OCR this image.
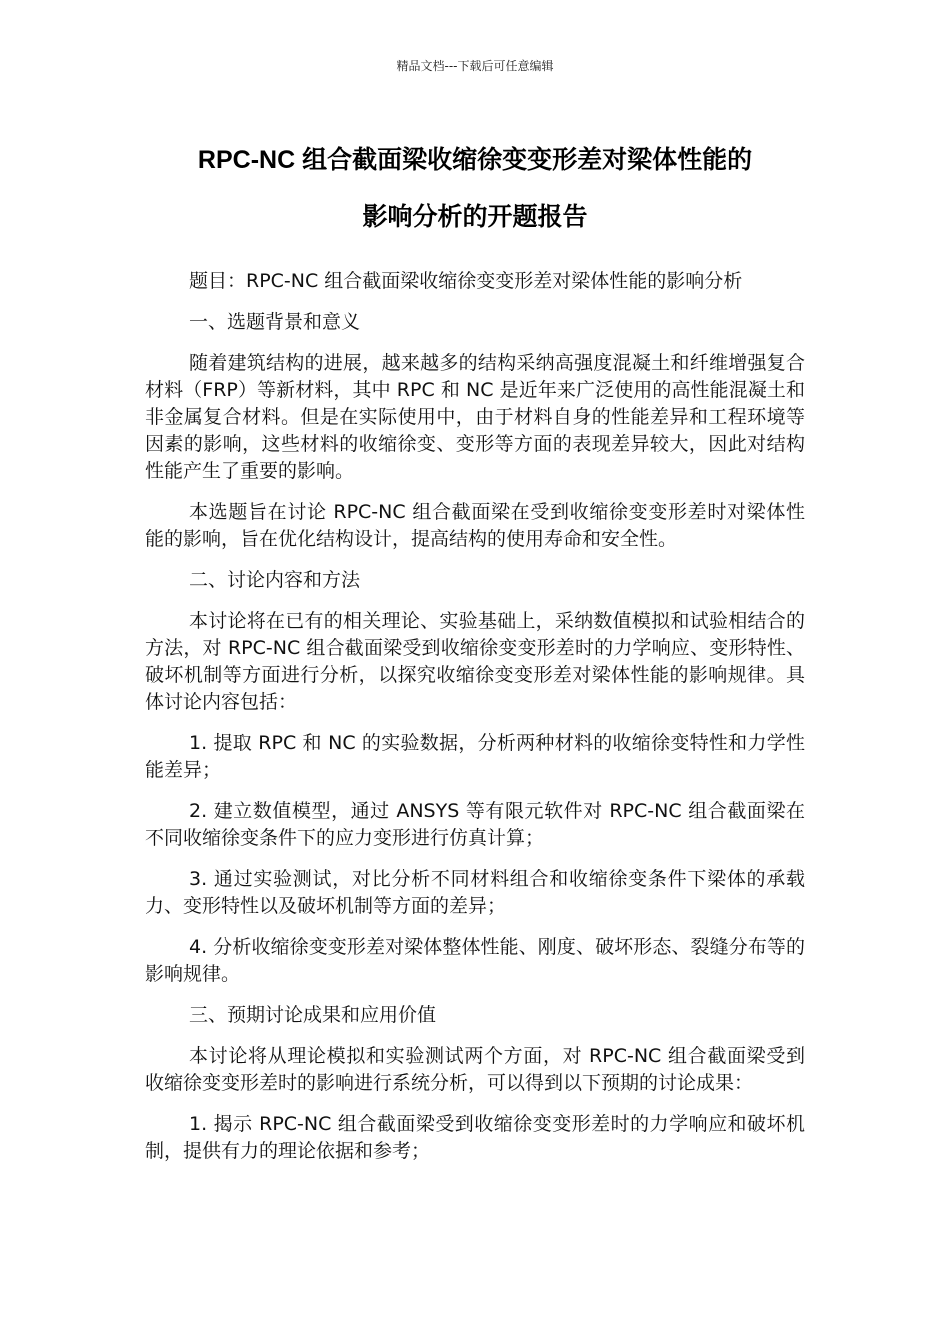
精品文档---下载后可任意编辑
RPC-NC 组合截面梁收缩徐变变形差对梁体性能的
影响分析的开题报告

题目：RPC-NC 组合截面梁收缩徐变变形差对梁体性能的影响分析

一、选题背景和意义

随着建筑结构的进展，越来越多的结构采纳高强度混凝土和纤维增强复合材料（FRP）等新材料，其中 RPC 和 NC 是近年来广泛使用的高性能混凝土和非金属复合材料。但是在实际使用中，由于材料自身的性能差异和工程环境等因素的影响，这些材料的收缩徐变、变形等方面的表现差异较大，因此对结构性能产生了重要的影响。

本选题旨在讨论 RPC-NC 组合截面梁在受到收缩徐变变形差时对梁体性能的影响，旨在优化结构设计，提高结构的使用寿命和安全性。

二、讨论内容和方法

本讨论将在已有的相关理论、实验基础上，采纳数值模拟和试验相结合的方法，对 RPC-NC 组合截面梁受到收缩徐变变形差时的力学响应、变形特性、破坏机制等方面进行分析，以探究收缩徐变变形差对梁体性能的影响规律。具体讨论内容包括：

1. 提取 RPC 和 NC 的实验数据，分析两种材料的收缩徐变特性和力学性能差异；

2. 建立数值模型，通过 ANSYS 等有限元软件对 RPC-NC 组合截面梁在不同收缩徐变条件下的应力变形进行仿真计算；

3. 通过实验测试，对比分析不同材料组合和收缩徐变条件下梁体的承载力、变形特性以及破坏机制等方面的差异；

4. 分析收缩徐变变形差对梁体整体性能、刚度、破坏形态、裂缝分布等的影响规律。

三、预期讨论成果和应用价值

本讨论将从理论模拟和实验测试两个方面，对 RPC-NC 组合截面梁受到收缩徐变变形差时的影响进行系统分析，可以得到以下预期的讨论成果：

1. 揭示 RPC-NC 组合截面梁受到收缩徐变变形差时的力学响应和破坏机制，提供有力的理论依据和参考；
